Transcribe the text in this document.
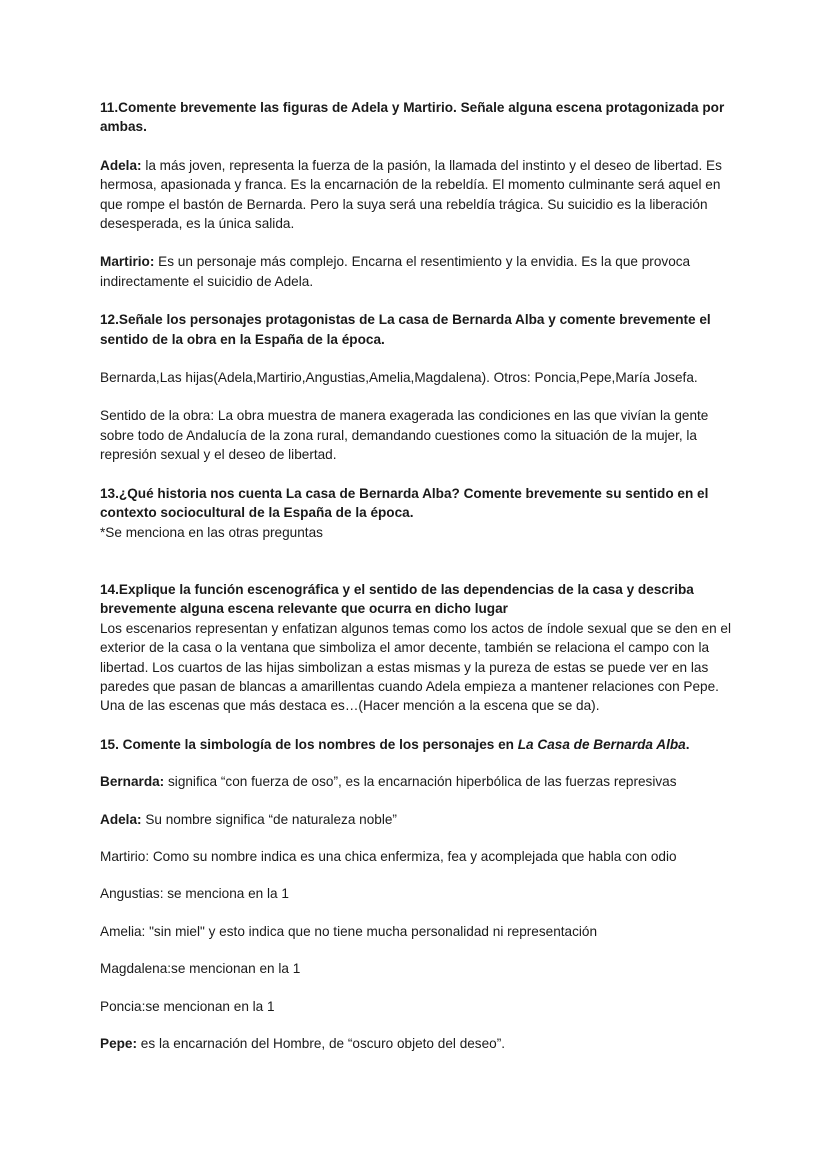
11.Comente brevemente las figuras de Adela y Martirio. Señale alguna escena protagonizada por ambas.

Adela: la más joven, representa la fuerza de la pasión, la llamada del instinto y el deseo de libertad. Es hermosa, apasionada y franca. Es la encarnación de la rebeldía. El momento culminante será aquel en que rompe el bastón de Bernarda. Pero la suya será una rebeldía trágica. Su suicidio es la liberación desesperada, es la única salida.

Martirio: Es un personaje más complejo. Encarna el resentimiento y la envidia. Es la que provoca indirectamente el suicidio de Adela.

12.Señale los personajes protagonistas de La casa de Bernarda Alba y comente brevemente el sentido de la obra en la España de la época.

Bernarda,Las hijas(Adela,Martirio,Angustias,Amelia,Magdalena). Otros: Poncia,Pepe,María Josefa.

Sentido de la obra: La obra muestra de manera exagerada las condiciones en las que vivían la gente sobre todo de Andalucía de la zona rural, demandando cuestiones como la situación de la mujer, la represión sexual y el deseo de libertad.

13.¿Qué historia nos cuenta La casa de Bernarda Alba? Comente brevemente su sentido en el contexto sociocultural de la España de la época.

*Se menciona en las otras preguntas

14.Explique la función escenográfica y el sentido de las dependencias de la casa y describa brevemente alguna escena relevante que ocurra en dicho lugar

Los escenarios representan y enfatizan algunos temas como los actos de índole sexual que se den en el exterior de la casa o la ventana que simboliza el amor decente, también se relaciona el campo con la libertad. Los cuartos de las hijas simbolizan a estas mismas y la pureza de estas se puede ver en las paredes que pasan de blancas a amarillentas cuando Adela empieza a mantener relaciones con Pepe. Una de las escenas que más destaca es…(Hacer mención a la escena que se da).

15. Comente la simbología de los nombres de los personajes en La Casa de Bernarda Alba.

Bernarda: significa “con fuerza de oso”, es la encarnación hiperbólica de las fuerzas represivas

Adela: Su nombre significa “de naturaleza noble”

Martirio: Como su nombre indica es una chica enfermiza, fea y acomplejada que habla con odio

Angustias: se menciona en la 1

Amelia: "sin miel" y esto indica que no tiene mucha personalidad ni representación

Magdalena:se mencionan en la 1

Poncia:se mencionan en la 1

Pepe: es la encarnación del Hombre, de “oscuro objeto del deseo”.
